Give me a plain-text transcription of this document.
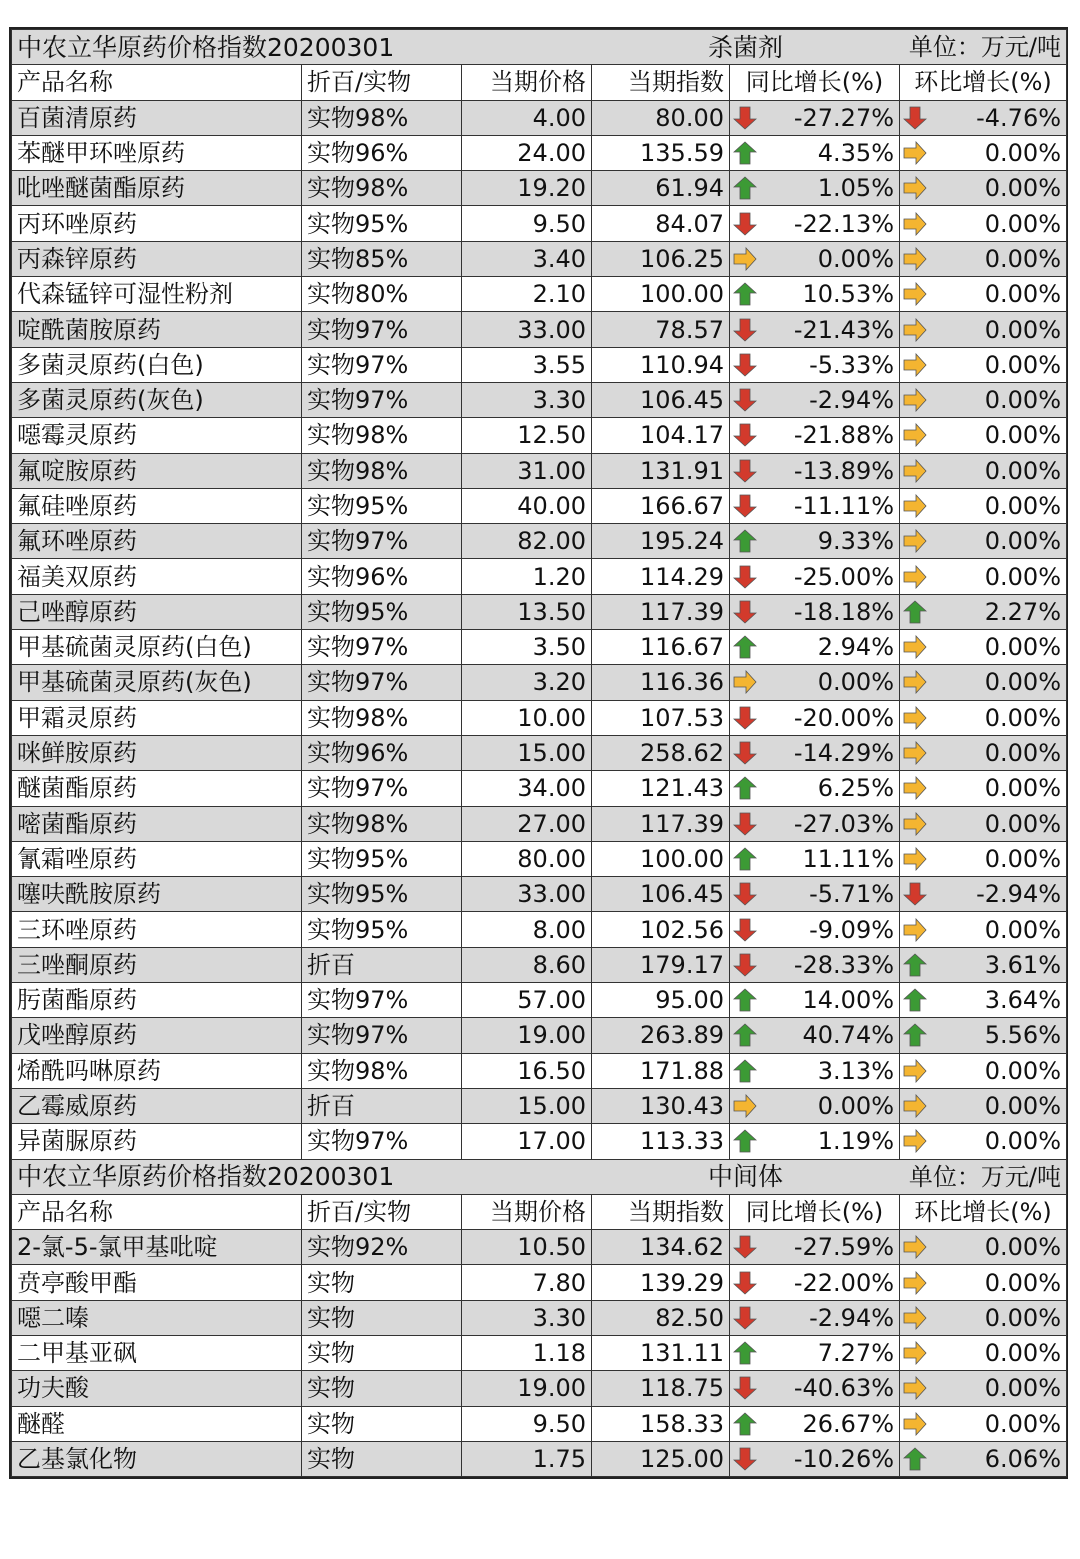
中农立华原药价格指数20200301			杀菌剂		单位：万元/吨
产品名称	折百/实物	当期价格	当期指数	同比增长(%)	环比增长(%)
百菌清原药	实物98%	4.00	80.00	-27.27%	-4.76%
苯醚甲环唑原药	实物96%	24.00	135.59	4.35%	0.00%
吡唑醚菌酯原药	实物98%	19.20	61.94	1.05%	0.00%
丙环唑原药	实物95%	9.50	84.07	-22.13%	0.00%
丙森锌原药	实物85%	3.40	106.25	0.00%	0.00%
代森锰锌可湿性粉剂	实物80%	2.10	100.00	10.53%	0.00%
啶酰菌胺原药	实物97%	33.00	78.57	-21.43%	0.00%
多菌灵原药(白色)	实物97%	3.55	110.94	-5.33%	0.00%
多菌灵原药(灰色)	实物97%	3.30	106.45	-2.94%	0.00%
噁霉灵原药	实物98%	12.50	104.17	-21.88%	0.00%
氟啶胺原药	实物98%	31.00	131.91	-13.89%	0.00%
氟硅唑原药	实物95%	40.00	166.67	-11.11%	0.00%
氟环唑原药	实物97%	82.00	195.24	9.33%	0.00%
福美双原药	实物96%	1.20	114.29	-25.00%	0.00%
己唑醇原药	实物95%	13.50	117.39	-18.18%	2.27%
甲基硫菌灵原药(白色)	实物97%	3.50	116.67	2.94%	0.00%
甲基硫菌灵原药(灰色)	实物97%	3.20	116.36	0.00%	0.00%
甲霜灵原药	实物98%	10.00	107.53	-20.00%	0.00%
咪鲜胺原药	实物96%	15.00	258.62	-14.29%	0.00%
醚菌酯原药	实物97%	34.00	121.43	6.25%	0.00%
嘧菌酯原药	实物98%	27.00	117.39	-27.03%	0.00%
氰霜唑原药	实物95%	80.00	100.00	11.11%	0.00%
噻呋酰胺原药	实物95%	33.00	106.45	-5.71%	-2.94%
三环唑原药	实物95%	8.00	102.56	-9.09%	0.00%
三唑酮原药	折百	8.60	179.17	-28.33%	3.61%
肟菌酯原药	实物97%	57.00	95.00	14.00%	3.64%
戊唑醇原药	实物97%	19.00	263.89	40.74%	5.56%
烯酰吗啉原药	实物98%	16.50	171.88	3.13%	0.00%
乙霉威原药	折百	15.00	130.43	0.00%	0.00%
异菌脲原药	实物97%	17.00	113.33	1.19%	0.00%
中农立华原药价格指数20200301			中间体		单位：万元/吨
产品名称	折百/实物	当期价格	当期指数	同比增长(%)	环比增长(%)
2-氯-5-氯甲基吡啶	实物92%	10.50	134.62	-27.59%	0.00%
贲亭酸甲酯	实物	7.80	139.29	-22.00%	0.00%
噁二嗪	实物	3.30	82.50	-2.94%	0.00%
二甲基亚砜	实物	1.18	131.11	7.27%	0.00%
功夫酸	实物	19.00	118.75	-40.63%	0.00%
醚醛	实物	9.50	158.33	26.67%	0.00%
乙基氯化物	实物	1.75	125.00	-10.26%	6.06%
